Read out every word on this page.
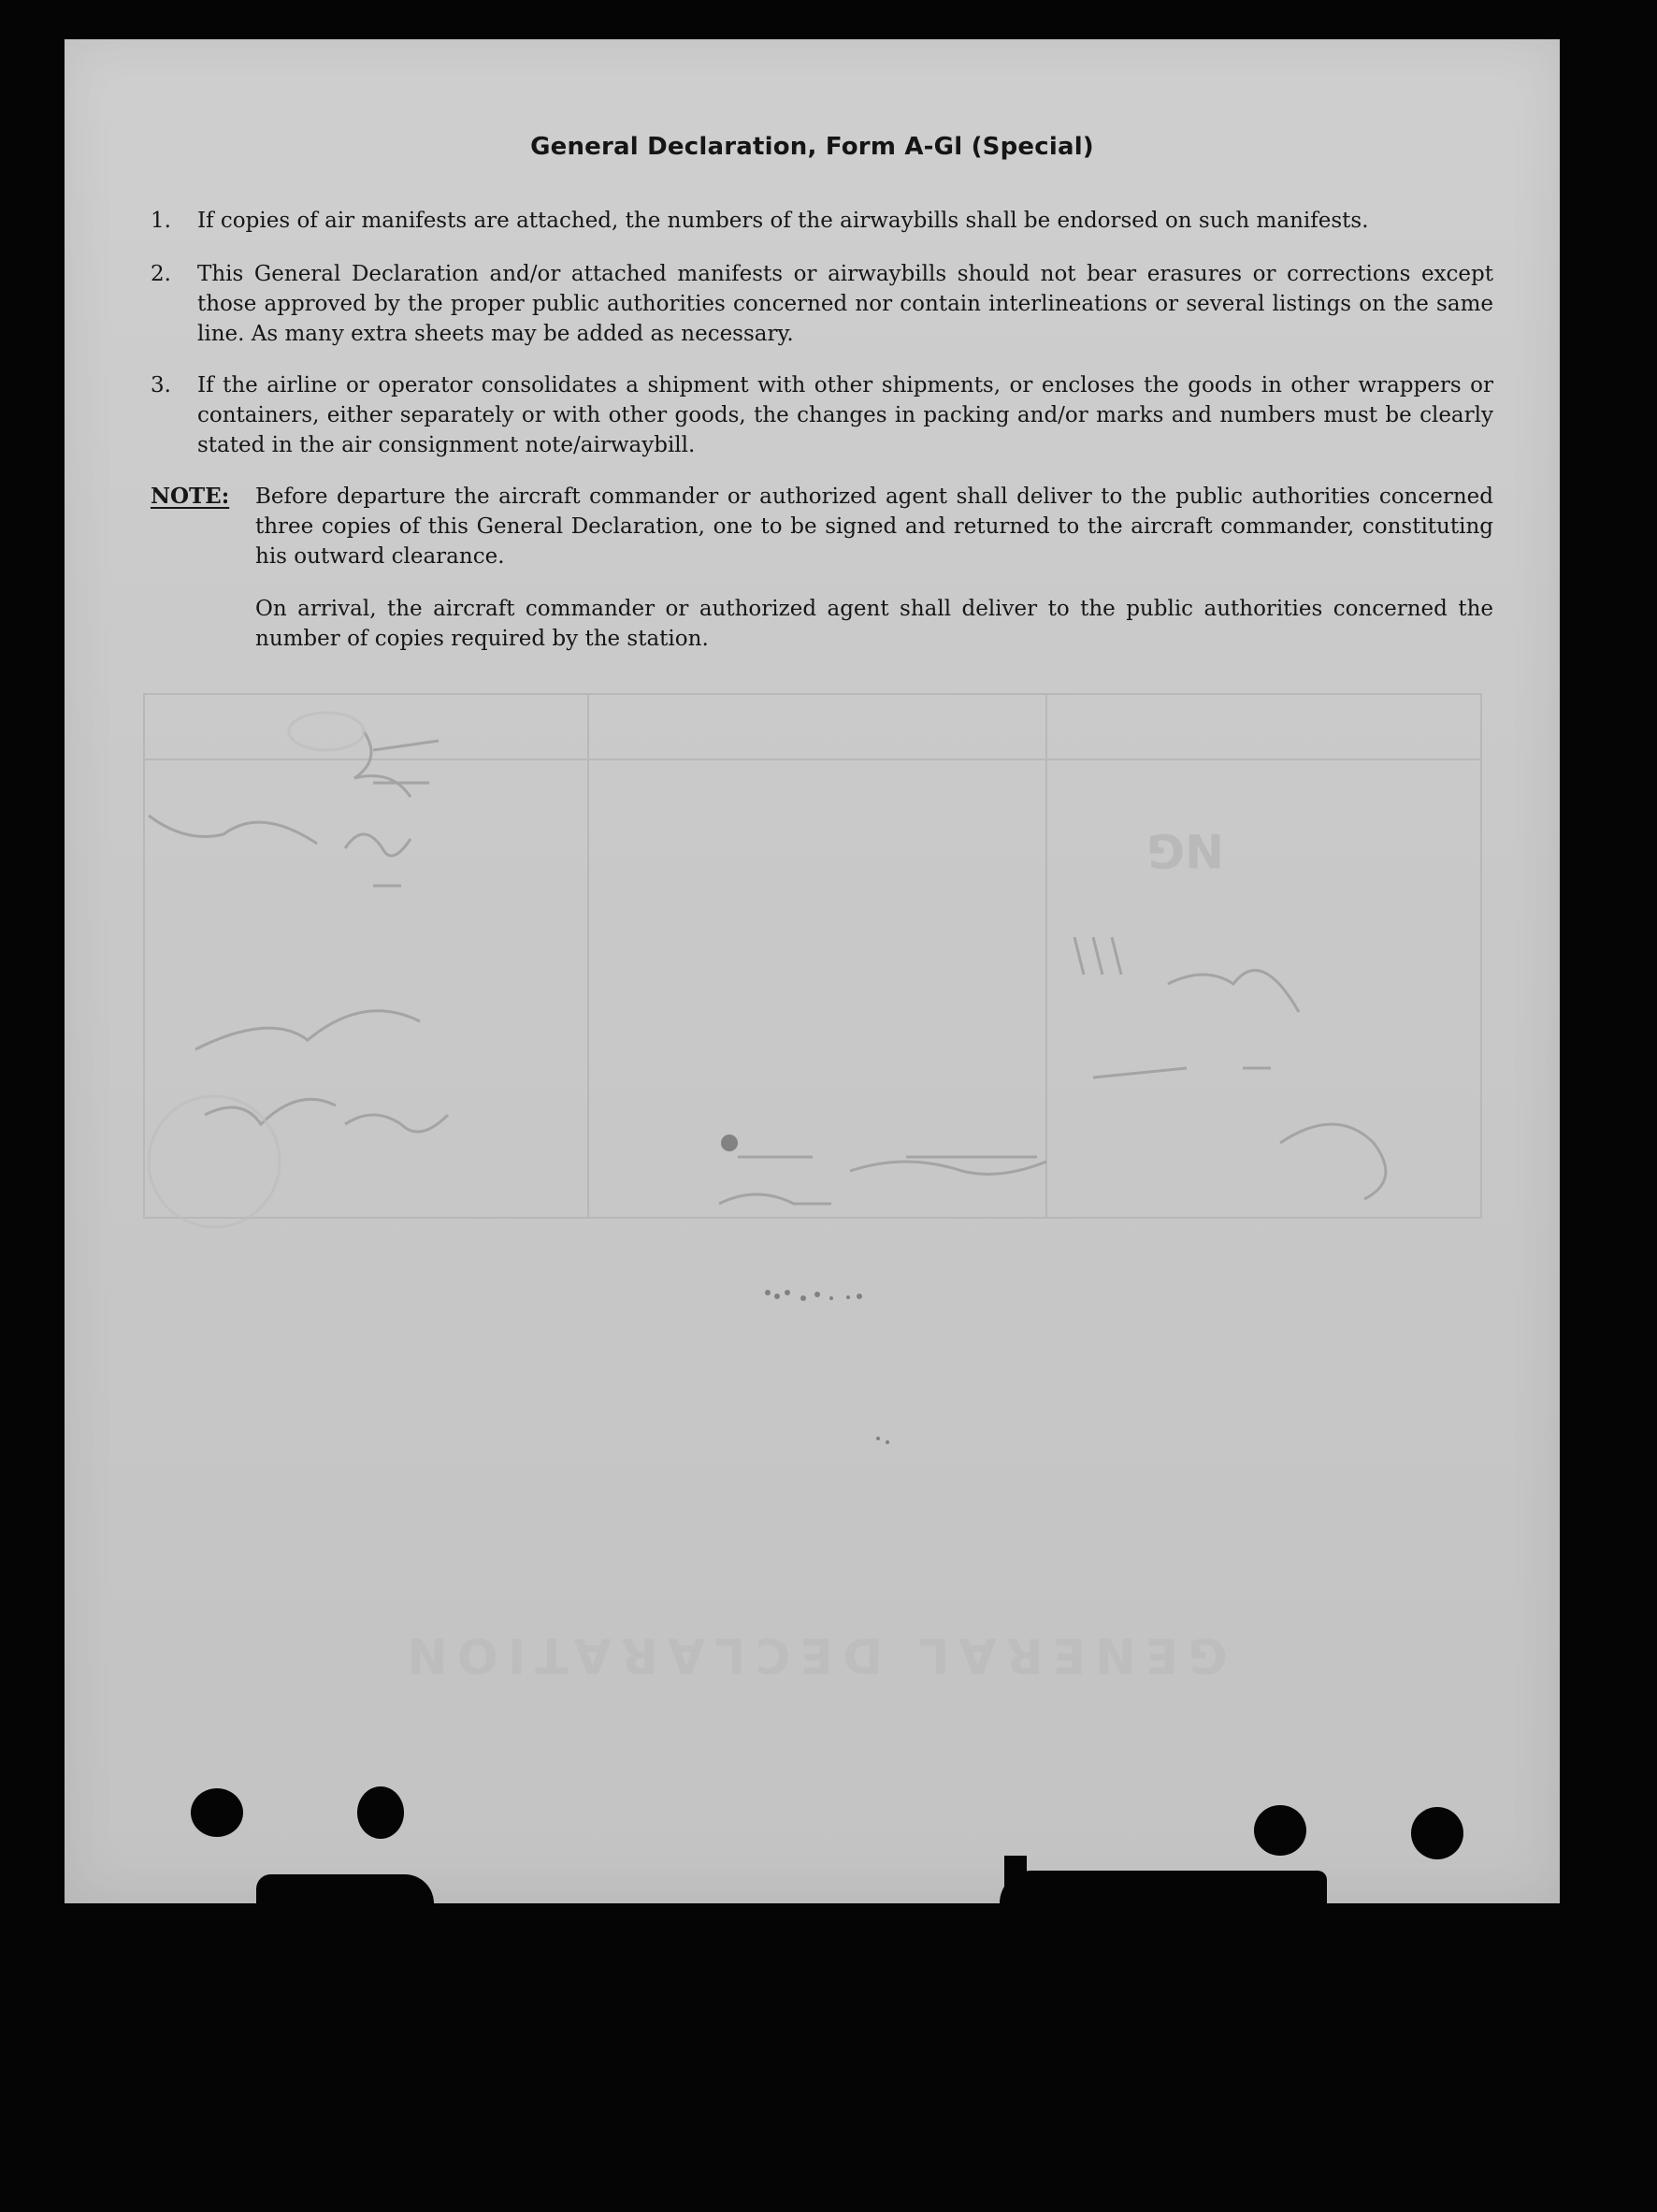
NG
GENERAL DECLARATION
General Declaration, Form A-Gl (Special)
1.	If copies of air manifests are attached, the numbers of the airwaybills shall be endorsed on such manifests.
2.	This General Declaration and/or attached manifests or airwaybills should not bear erasures or corrections except those approved by the proper public authorities concerned nor contain interlineations or several listings on the same line. As many extra sheets may be added as necessary.
3.	If the airline or operator consolidates a shipment with other shipments, or encloses the goods in other wrappers or containers, either separately or with other goods, the changes in packing and/or marks and numbers must be clearly stated in the air consignment note/airwaybill.
NOTE: Before departure the aircraft commander or authorized agent shall deliver to the public authorities concerned three copies of this General Declaration, one to be signed and returned to the aircraft commander, constituting his outward clearance.
On arrival, the aircraft commander or authorized agent shall deliver to the public authorities concerned the number of copies required by the station.
